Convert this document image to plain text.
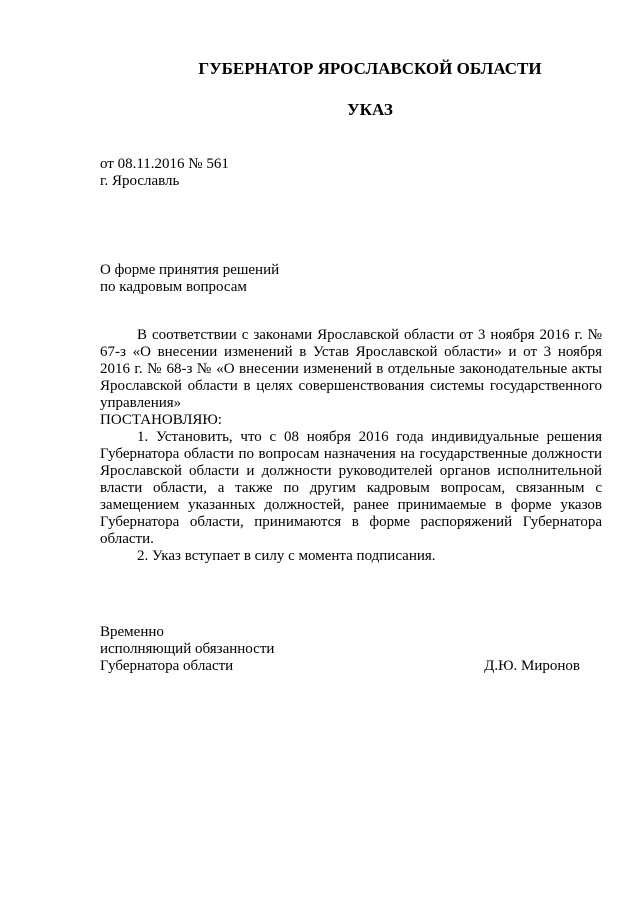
ГУБЕРНАТОР ЯРОСЛАВСКОЙ ОБЛАСТИ
УКАЗ
от 08.11.2016 № 561
г. Ярославль
О форме принятия решений
по кадровым вопросам

В соответствии с законами Ярославской области от 3 ноября 2016 г. № 67-з «О внесении изменений в Устав Ярославской области» и от 3 ноября 2016 г. № 68-з № «О внесении изменений в отдельные законодательные акты Ярославской области в целях совершенствования системы государственного управления»

ПОСТАНОВЛЯЮ:

1. Установить, что с 08 ноября 2016 года индивидуальные решения Губернатора области по вопросам назначения на государственные должности Ярославской области и должности руководителей органов исполнительной власти области, а также по другим кадровым вопросам, связанным с замещением указанных должностей, ранее принимаемые в форме указов Губернатора области, принимаются в форме распоряжений Губернатора области.

2. Указ вступает в силу с момента подписания.

Временно
исполняющий обязанности
Губернатора области	Д.Ю. Миронов
